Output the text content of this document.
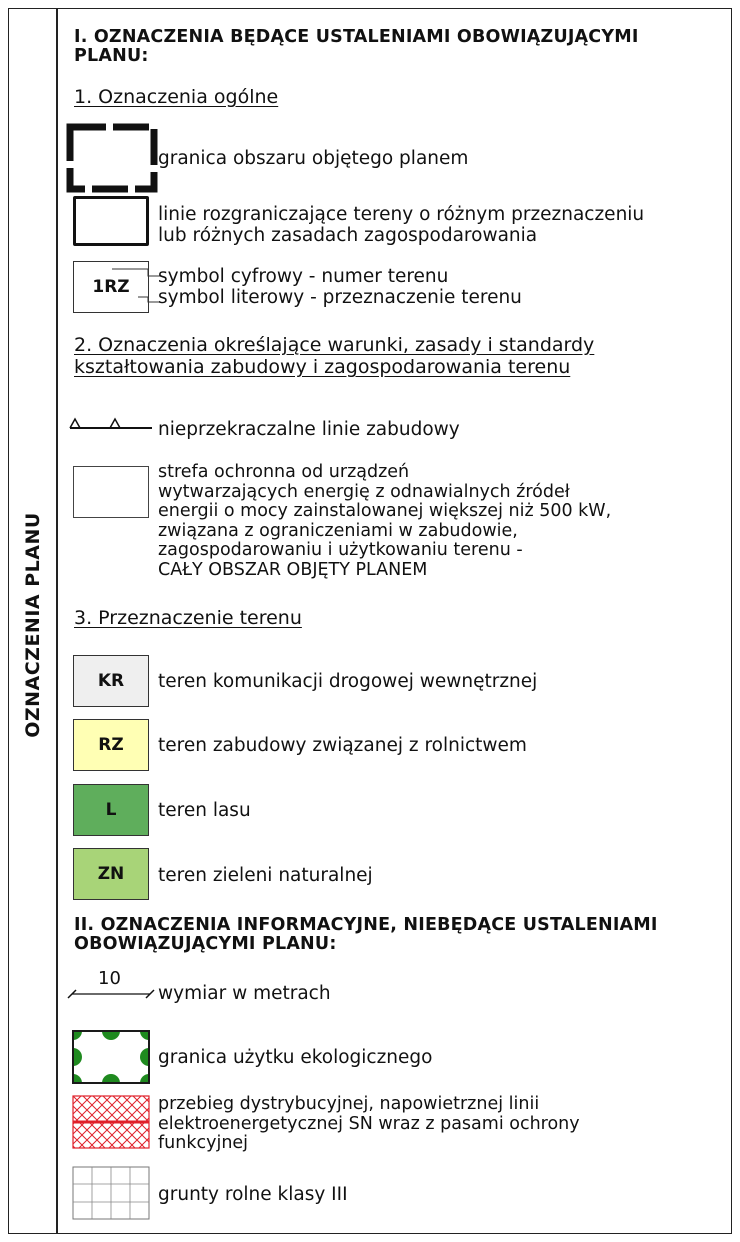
OZNACZENIA PLANU
I. OZNACZENIA BĘDĄCE USTALENIAMI OBOWIĄZUJĄCYMI
PLANU:
1. Oznaczenia ogólne
granica obszaru objętego planem
linie rozgraniczające tereny o różnym przeznaczeniu
lub różnych zasadach zagospodarowania
1RZ symbol cyfrowy - numer terenu
symbol literowy - przeznaczenie terenu
2. Oznaczenia określające warunki, zasady i standardy
kształtowania zabudowy i zagospodarowania terenu
nieprzekraczalne linie zabudowy
strefa ochronna od urządzeń
wytwarzających energię z odnawialnych źródeł
energii o mocy zainstalowanej większej niż 500 kW,
związana z ograniczeniami w zabudowie,
zagospodarowaniu i użytkowaniu terenu -
CAŁY OBSZAR OBJĘTY PLANEM
3. Przeznaczenie terenu
KR teren komunikacji drogowej wewnętrznej
RZ teren zabudowy związanej z rolnictwem
L teren lasu
ZN teren zieleni naturalnej
II. OZNACZENIA INFORMACYJNE, NIEBĘDĄCE USTALENIAMI
OBOWIĄZUJĄCYMI PLANU:
10
wymiar w metrach
granica użytku ekologicznego
przebieg dystrybucyjnej, napowietrznej linii
elektroenergetycznej SN wraz z pasami ochrony
funkcyjnej
grunty rolne klasy III
